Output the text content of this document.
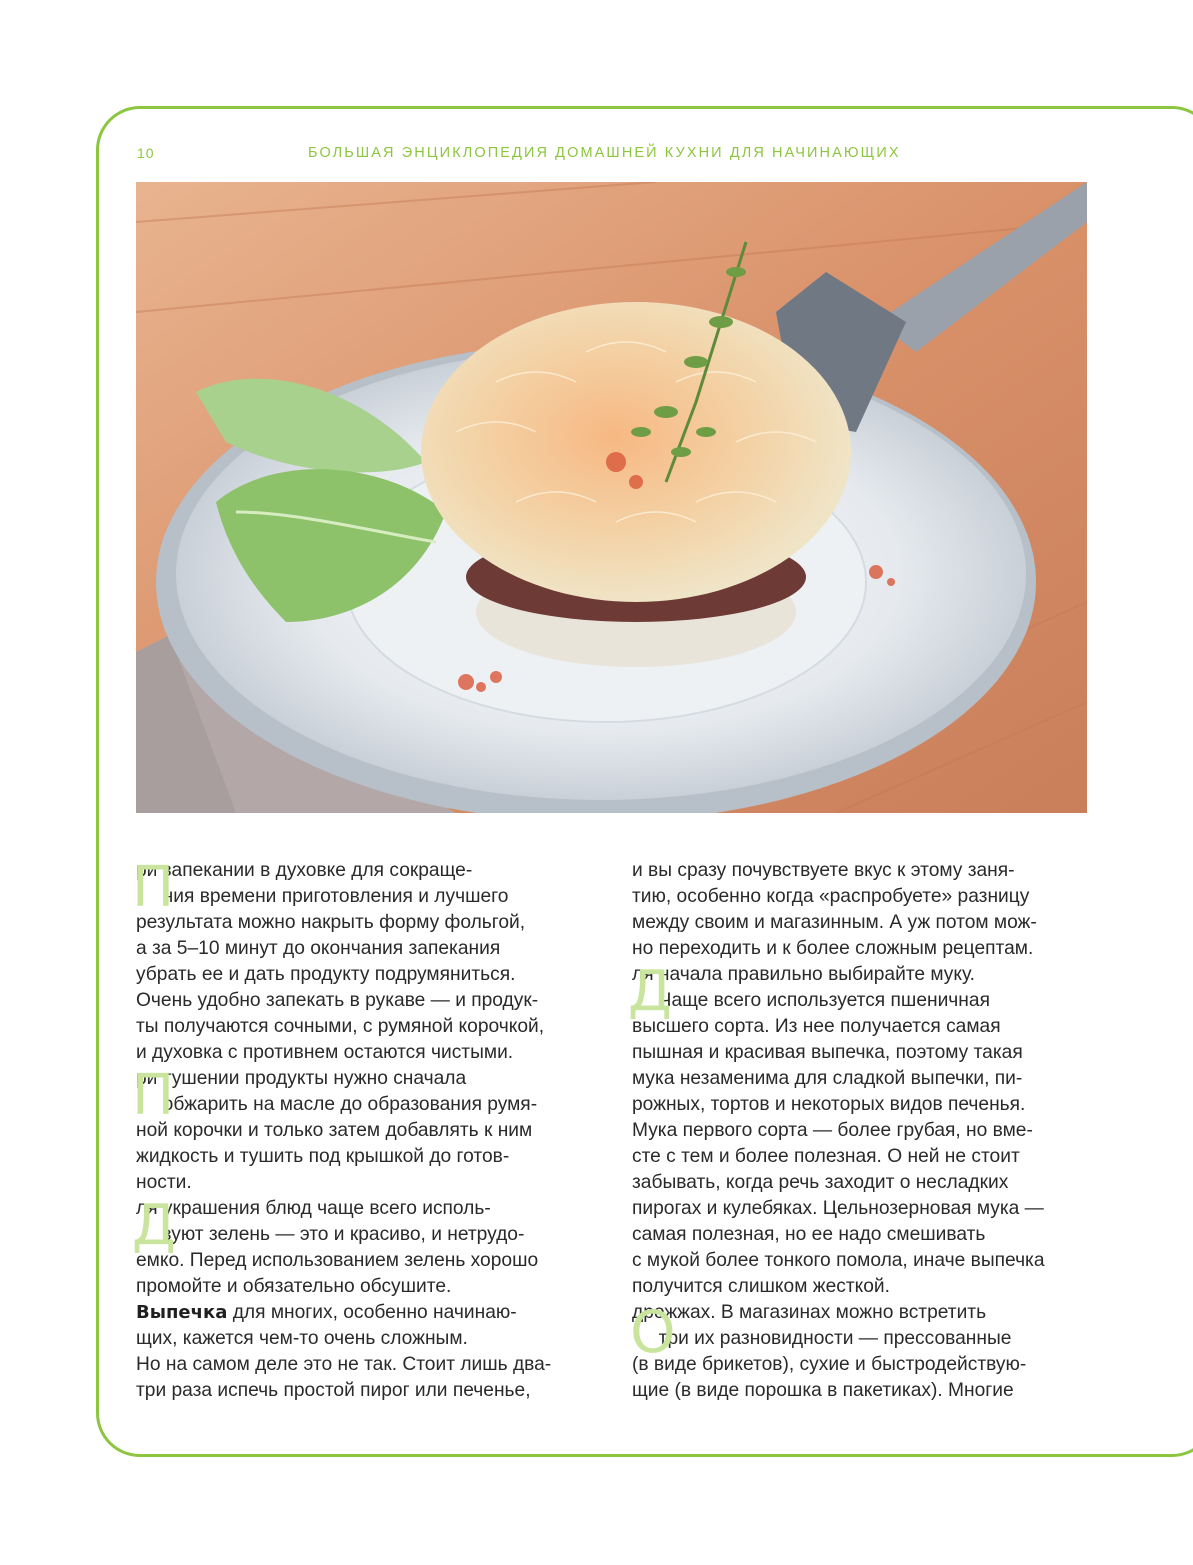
10	БОЛЬШАЯ ЭНЦИКЛОПЕДИЯ ДОМАШНЕЙ КУХНИ ДЛЯ НАЧИНАЮЩИХ

П
ри запекании в духовке для сокраще-
ния времени приготовления и лучшего
результата можно накрыть форму фольгой,
а за 5–10 минут до окончания запекания
убрать ее и дать продукту подрумяниться.
Очень удобно запекать в рукаве — и продук-
ты получаются сочными, с румяной корочкой,
и духовка с противнем остаются чистыми.

П
ри тушении продукты нужно сначала
обжарить на масле до образования румя-
ной корочки и только затем добавлять к ним
жидкость и тушить под крышкой до готов-
ности.

Д
ля украшения блюд чаще всего исполь-
зуют зелень — это и красиво, и нетрудо-
емко. Перед использованием зелень хорошо
промойте и обязательно обсушите.

Выпечка для многих, особенно начинаю-
щих, кажется чем-то очень сложным.
Но на самом деле это не так. Стоит лишь два-
три раза испечь простой пирог или печенье,

и вы сразу почувствуете вкус к этому заня-
тию, особенно когда «распробуете» разницу
между своим и магазинным. А уж потом мож-
но переходить и к более сложным рецептам.

Д
ля начала правильно выбирайте муку.
Чаще всего используется пшеничная
высшего сорта. Из нее получается самая
пышная и красивая выпечка, поэтому такая
мука незаменима для сладкой выпечки, пи-
рожных, тортов и некоторых видов печенья.
Мука первого сорта — более грубая, но вме-
сте с тем и более полезная. О ней не стоит
забывать, когда речь заходит о несладких
пирогах и кулебяках. Цельнозерновая мука —
самая полезная, но ее надо смешивать
с мукой более тонкого помола, иначе выпечка
получится слишком жесткой.

О
дрожжах. В магазинах можно встретить
три их разновидности — прессованные
(в виде брикетов), сухие и быстродействую-
щие (в виде порошка в пакетиках). Многие
